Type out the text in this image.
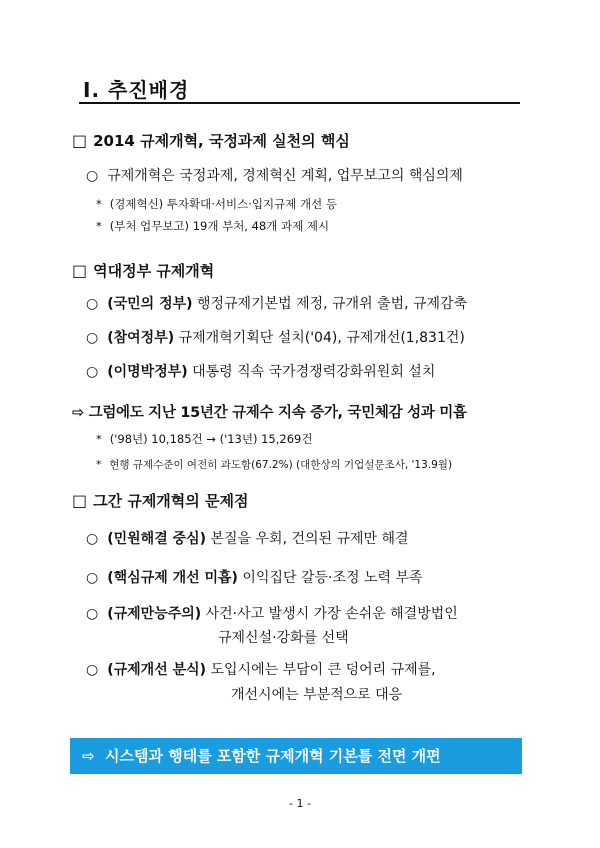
Ⅰ. 추진배경
□ 2014 규제개혁, 국정과제 실천의 핵심
○ 규제개혁은 국정과제, 경제혁신 계획, 업무보고의 핵심의제
* (경제혁신) 투자확대·서비스·입지규제 개선 등
* (부처 업무보고) 19개 부처, 48개 과제 제시
□ 역대정부 규제개혁
○ (국민의 정부) 행정규제기본법 제정, 규개위 출범, 규제감축
○ (참여정부) 규제개혁기획단 설치('04), 규제개선(1,831건)
○ (이명박정부) 대통령 직속 국가경쟁력강화위원회 설치
⇨ 그럼에도 지난 15년간 규제수 지속 증가, 국민체감 성과 미흡
* ('98년) 10,185건 → ('13년) 15,269건
* 현행 규제수준이 여전히 과도함(67.2%) (대한상의 기업설문조사, '13.9월)
□ 그간 규제개혁의 문제점
○ (민원해결 중심) 본질을 우회, 건의된 규제만 해결
○ (핵심규제 개선 미흡) 이익집단 갈등·조정 노력 부족
○ (규제만능주의) 사건·사고 발생시 가장 손쉬운 해결방법인
규제신설·강화를 선택
○ (규제개선 분식) 도입시에는 부담이 큰 덩어리 규제를,
개선시에는 부분적으로 대응
⇨ 시스템과 행태를 포함한 규제개혁 기본틀 전면 개편
- 1 -
